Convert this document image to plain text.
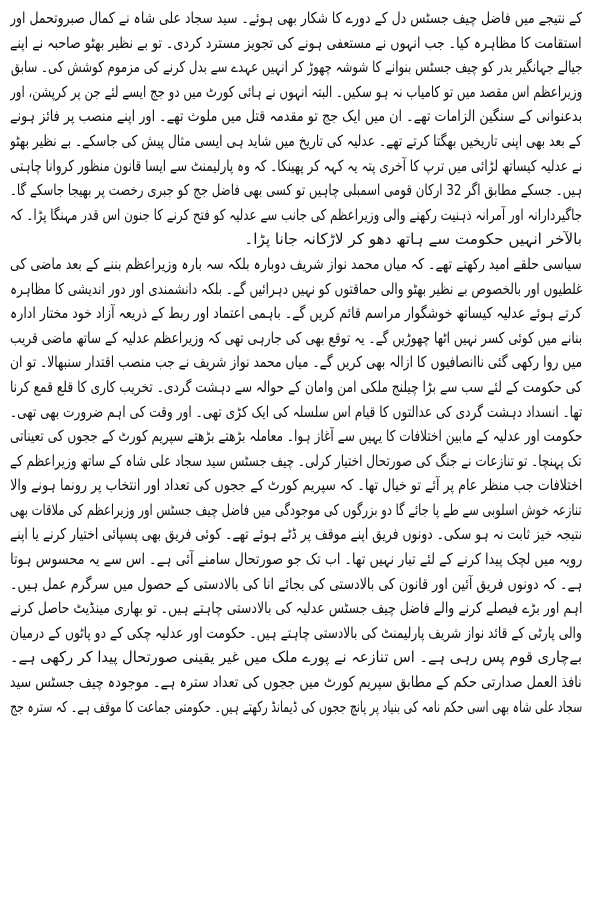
کے نتیجے میں فاضل چیف جسٹس دل کے دورے کا شکار بھی ہوئے۔ سید سجاد علی شاہ نے کمال صبروتحمل اور
استقامت کا مظاہرہ کیا۔ جب انہوں نے مستعفی ہونے کی تجویز مسترد کردی۔ تو بے نظیر بھٹو صاحبہ نے اپنے
جیالے جہانگیر بدر کو چیف جسٹس بنوانے کا شوشہ چھوڑ کر انہیں عہدے سے بدل کرنے کی مزموم کوشش کی۔ سابق
وزیراعظم اس مقصد میں تو کامیاب نہ ہو سکیں۔ البتہ انہوں نے ہائی کورٹ میں دو جج ایسے لئے جن پر کرپشن، اور
بدعنوانی کے سنگین الزامات تھے۔ ان میں ایک جج تو مقدمہ قتل میں ملوث تھے۔ اور اپنے منصب پر فائز ہونے
کے بعد بھی اپنی تاریخیں بھگتا کرتے تھے۔ عدلیہ کی تاریخ میں شاید ہی ایسی مثال پیش کی جاسکے۔ بے نظیر بھٹو
نے عدلیہ کیساتھ لڑائی میں ترپ کا آخری پتہ یہ کہہ کر پھینکا۔ کہ وہ پارلیمنٹ سے ایسا قانون منظور کروانا چاہتی
ہیں۔ جسکے مطابق اگر 32 ارکان قومی اسمبلی چاہیں تو کسی بھی فاضل جج کو جبری رخصت پر بھیجا جاسکے گا۔
جاگیردارانہ اور آمرانہ ذہنیت رکھنے والی وزیراعظم کی جانب سے عدلیہ کو فتح کرنے کا جنون اس قدر مہنگا پڑا۔ کہ
بالآخر انہیں حکومت سے ہاتھ دھو کر لاڑکانہ جانا پڑا۔
سیاسی حلقے امید رکھتے تھے۔ کہ میاں محمد نواز شریف دوبارہ بلکہ سہ بارہ وزیراعظم بننے کے بعد ماضی کی
غلطیوں اور بالخصوص بے نظیر بھٹو والی حماقتوں کو نہیں دہرائیں گے۔ بلکہ دانشمندی اور دور اندیشی کا مظاہرہ
کرتے ہوئے عدلیہ کیساتھ خوشگوار مراسم قائم کریں گے۔ باہمی اعتماد اور ربط کے ذریعہ آزاد خود مختار ادارہ
بنانے میں کوئی کسر نہیں اٹھا چھوڑیں گے۔ یہ توقع بھی کی جارہی تھی کہ وزیراعظم عدلیہ کے ساتھ ماضی قریب
میں روا رکھی گئی ناانصافیوں کا ازالہ بھی کریں گے۔ میاں محمد نواز شریف نے جب منصب اقتدار سنبھالا۔ تو ان
کی حکومت کے لئے سب سے بڑا چیلنج ملکی امن وامان کے حوالہ سے دہشت گردی۔ تخریب کاری کا قلع قمع کرنا
تھا۔ انسداد دہشت گردی کی عدالتوں کا قیام اس سلسلہ کی ایک کڑی تھی۔ اور وقت کی اہم ضرورت بھی تھی۔
حکومت اور عدلیہ کے مابین اختلافات کا یہیں سے آغاز ہوا۔ معاملہ بڑھتے بڑھتے سپریم کورٹ کے ججوں کی تعیناتی
تک پہنچا۔ تو تنازعات نے جنگ کی صورتحال اختیار کرلی۔ چیف جسٹس سید سجاد علی شاہ کے ساتھ وزیراعظم کے
اختلافات جب منظر عام پر آئے تو خیال تھا۔ کہ سپریم کورٹ کے ججوں کی تعداد اور انتخاب پر رونما ہونے والا
تنازعہ خوش اسلوبی سے طے پا جائے گا دو بزرگوں کی موجودگی میں فاضل چیف جسٹس اور وزیراعظم کی ملاقات بھی
نتیجہ خیز ثابت نہ ہو سکی۔ دونوں فریق اپنے موقف پر ڈٹے ہوئے تھے۔ کوئی فریق بھی پسپائی اختیار کرنے یا اپنے
رویہ میں لچک پیدا کرنے کے لئے تیار نہیں تھا۔ اب تک جو صورتحال سامنے آئی ہے۔ اس سے یہ محسوس ہوتا
ہے۔ کہ دونوں فریق آئین اور قانون کی بالادستی کی بجائے انا کی بالادستی کے حصول میں سرگرم عمل ہیں۔
اہم اور بڑے فیصلے کرنے والے فاضل چیف جسٹس عدلیہ کی بالادستی چاہتے ہیں۔ تو بھاری مینڈیٹ حاصل کرنے
والی پارٹی کے قائد نواز شریف پارلیمنٹ کی بالادستی چاہتے ہیں۔ حکومت اور عدلیہ چکی کے دو پاٹوں کے درمیان
بےچاری قوم پس رہی ہے۔ اس تنازعہ نے پورے ملک میں غیر یقینی صورتحال پیدا کر رکھی ہے۔
نافذ العمل صدارتی حکم کے مطابق سپریم کورٹ میں ججوں کی تعداد سترہ ہے۔ موجودہ چیف جسٹس سید
سجاد علی شاہ بھی اسی حکم نامہ کی بنیاد پر پانچ ججوں کی ڈیمانڈ رکھتے ہیں۔ حکومتی جماعت کا موقف ہے۔ کہ سترہ جج
